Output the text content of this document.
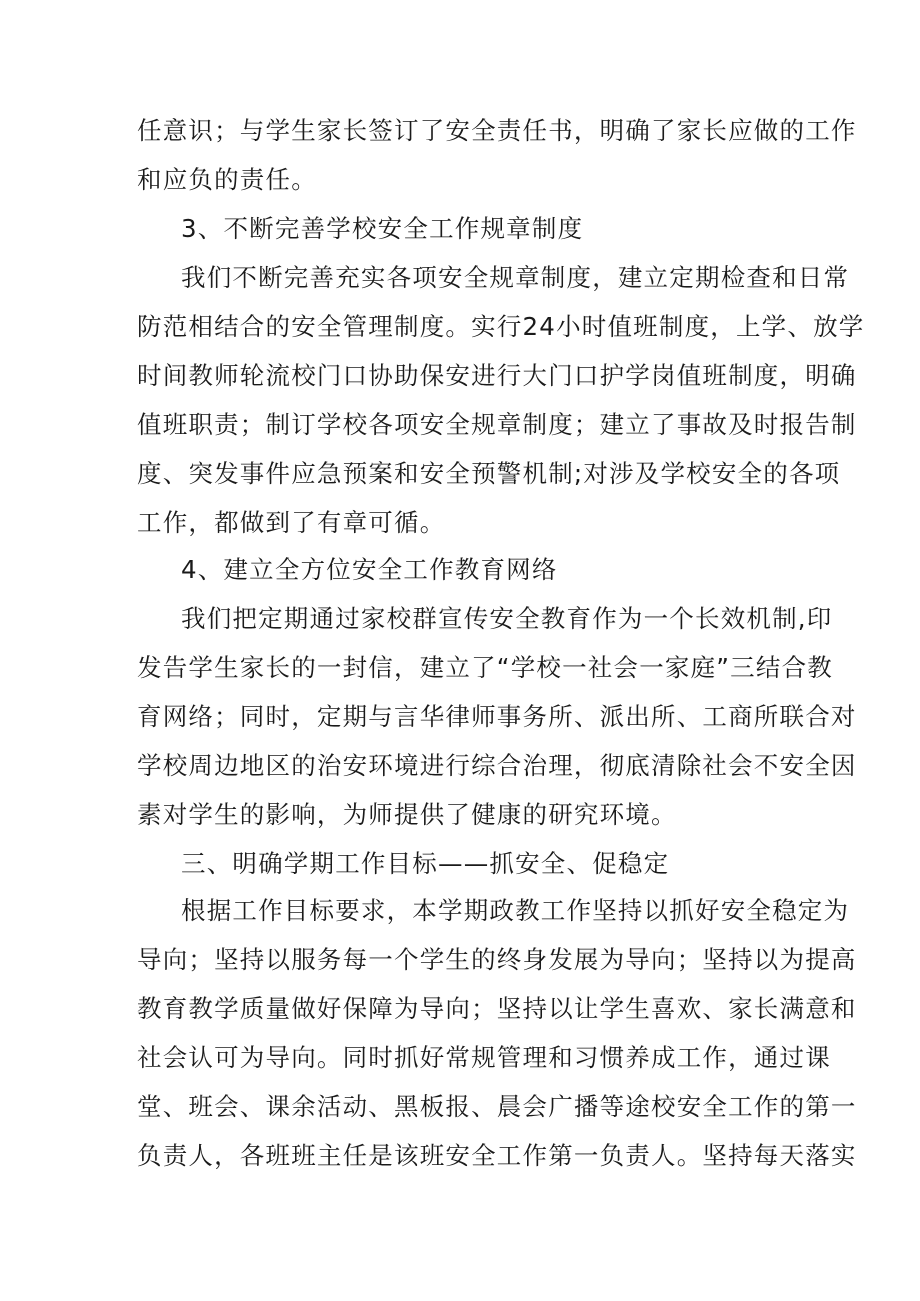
任意识；与学生家长签订了安全责任书，明确了家长应做的工作
和应负的责任。
3、不断完善学校安全工作规章制度
我们不断完善充实各项安全规章制度，建立定期检查和日常
防范相结合的安全管理制度。实行24小时值班制度，上学、放学
时间教师轮流校门口协助保安进行大门口护学岗值班制度，明确
值班职责；制订学校各项安全规章制度；建立了事故及时报告制
度、突发事件应急预案和安全预警机制;对涉及学校安全的各项
工作，都做到了有章可循。
4、建立全方位安全工作教育网络
我们把定期通过家校群宣传安全教育作为一个长效机制,印
发告学生家长的一封信，建立了“学校一社会一家庭”三结合教
育网络；同时，定期与言华律师事务所、派出所、工商所联合对
学校周边地区的治安环境进行综合治理，彻底清除社会不安全因
素对学生的影响，为师提供了健康的研究环境。
三、明确学期工作目标——抓安全、促稳定
根据工作目标要求，本学期政教工作坚持以抓好安全稳定为
导向；坚持以服务每一个学生的终身发展为导向；坚持以为提高
教育教学质量做好保障为导向；坚持以让学生喜欢、家长满意和
社会认可为导向。同时抓好常规管理和习惯养成工作，通过课
堂、班会、课余活动、黑板报、晨会广播等途校安全工作的第一
负责人，各班班主任是该班安全工作第一负责人。坚持每天落实
